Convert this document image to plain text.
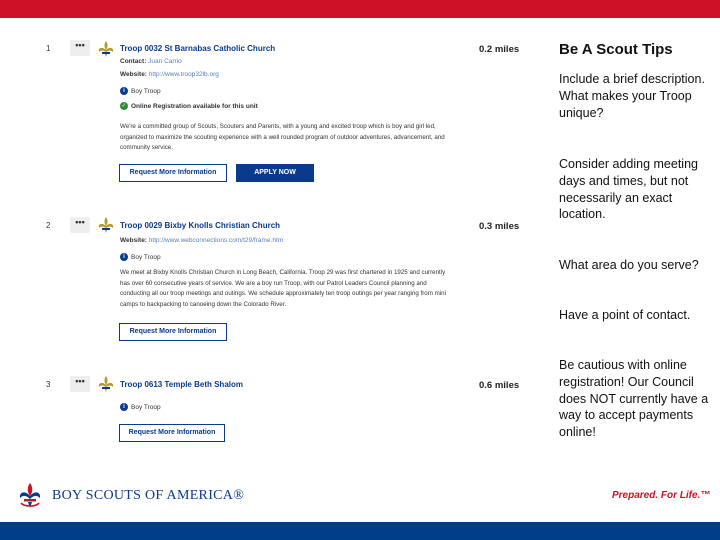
1	•••	Troop 0032 St Barnabas Catholic Church	0.2 miles
Contact: Juan Carrio
Website: http://www.troop32lb.org
i Boy Troop
✓ Online Registration available for this unit

We're a committed group of Scouts, Scouters and Parents, with a young and excited troop which is boy and girl led, organized to maximize the scouting experience with a well rounded program of outdoor adventures, advancement, and community service.

Request More Information	APPLY NOW
2	•••	Troop 0029 Bixby Knolls Christian Church	0.3 miles
Website: http://www.webconnections.com/t29/frame.htm
i Boy Troop

We meet at Bixby Knolls Christian Church in Long Beach, California. Troop 29 was first chartered in 1925 and currently has over 60 consecutive years of service. We are a boy run Troop, with our Patrol Leaders Council planning and conducting all our troop meetings and outings. We schedule approximately ten troop outings per year ranging from mini camps to backpacking to canoeing down the Colorado River.

Request More Information
3	•••	Troop 0613 Temple Beth Shalom	0.6 miles
i Boy Troop
Request More Information
Be A Scout Tips

Include a brief description. What makes your Troop unique?

Consider adding meeting days and times, but not necessarily an exact location.

What area do you serve?

Have a point of contact.

Be cautious with online registration! Our Council does NOT currently have a way to accept payments online!

BOY SCOUTS OF AMERICA®	Prepared. For Life.™
